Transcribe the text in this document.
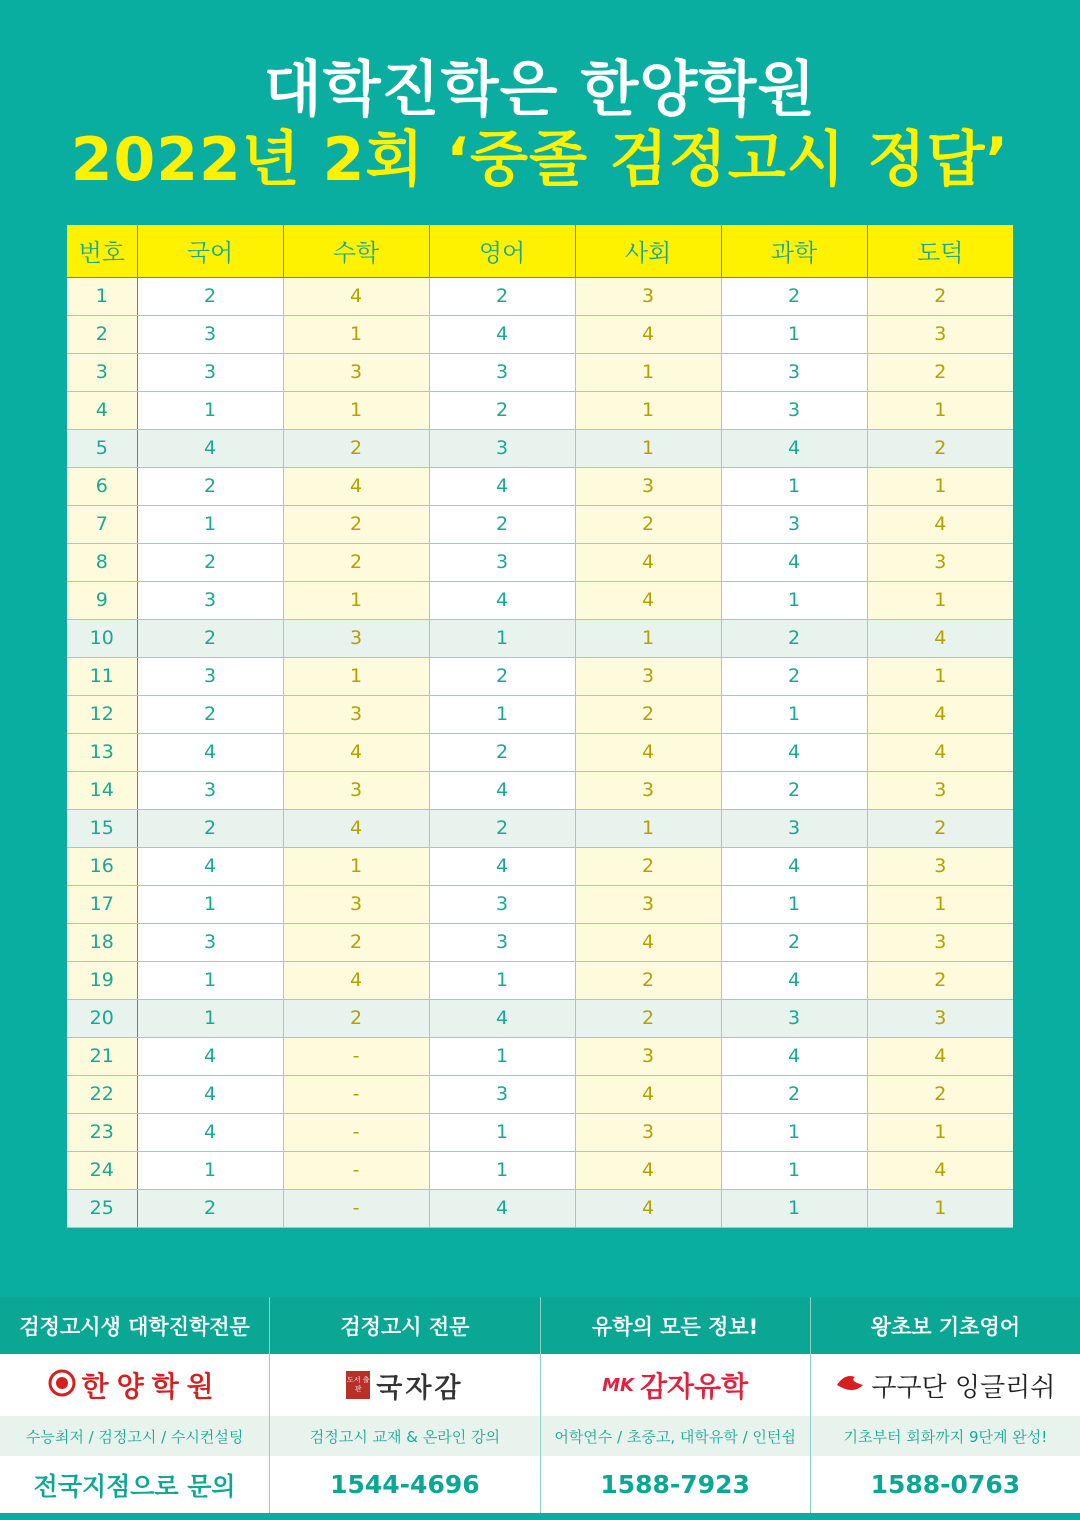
대학진학은 한양학원
2022년 2회 ‘중졸 검정고시 정답’
번호	국어	수학	영어	사회	과학	도덕
1	2	4	2	3	2	2
2	3	1	4	4	1	3
3	3	3	3	1	3	2
4	1	1	2	1	3	1
5	4	2	3	1	4	2
6	2	4	4	3	1	1
7	1	2	2	2	3	4
8	2	2	3	4	4	3
9	3	1	4	4	1	1
10	2	3	1	1	2	4
11	3	1	2	3	2	1
12	2	3	1	2	1	4
13	4	4	2	4	4	4
14	3	3	4	3	2	3
15	2	4	2	1	3	2
16	4	1	4	2	4	3
17	1	3	3	3	1	1
18	3	2	3	4	2	3
19	1	4	1	2	4	2
20	1	2	4	2	3	3
21	4	-	1	3	4	4
22	4	-	3	4	2	2
23	4	-	1	3	1	1
24	1	-	1	4	1	4
25	2	-	4	4	1	1
검정고시생 대학진학전문
한양학원
수능최저 / 검정고시 / 수시컨설팅
전국지점으로 문의
검정고시 전문
도서 출판 국자감
검정고시 교재 & 온라인 강의
1544-4696
유학의 모든 정보!
MK 감자유학
어학연수 / 초중고, 대학유학 / 인턴쉽
1588-7923
왕초보 기초영어
구구단 잉글리쉬
기초부터 회화까지 9단계 완성!
1588-0763
